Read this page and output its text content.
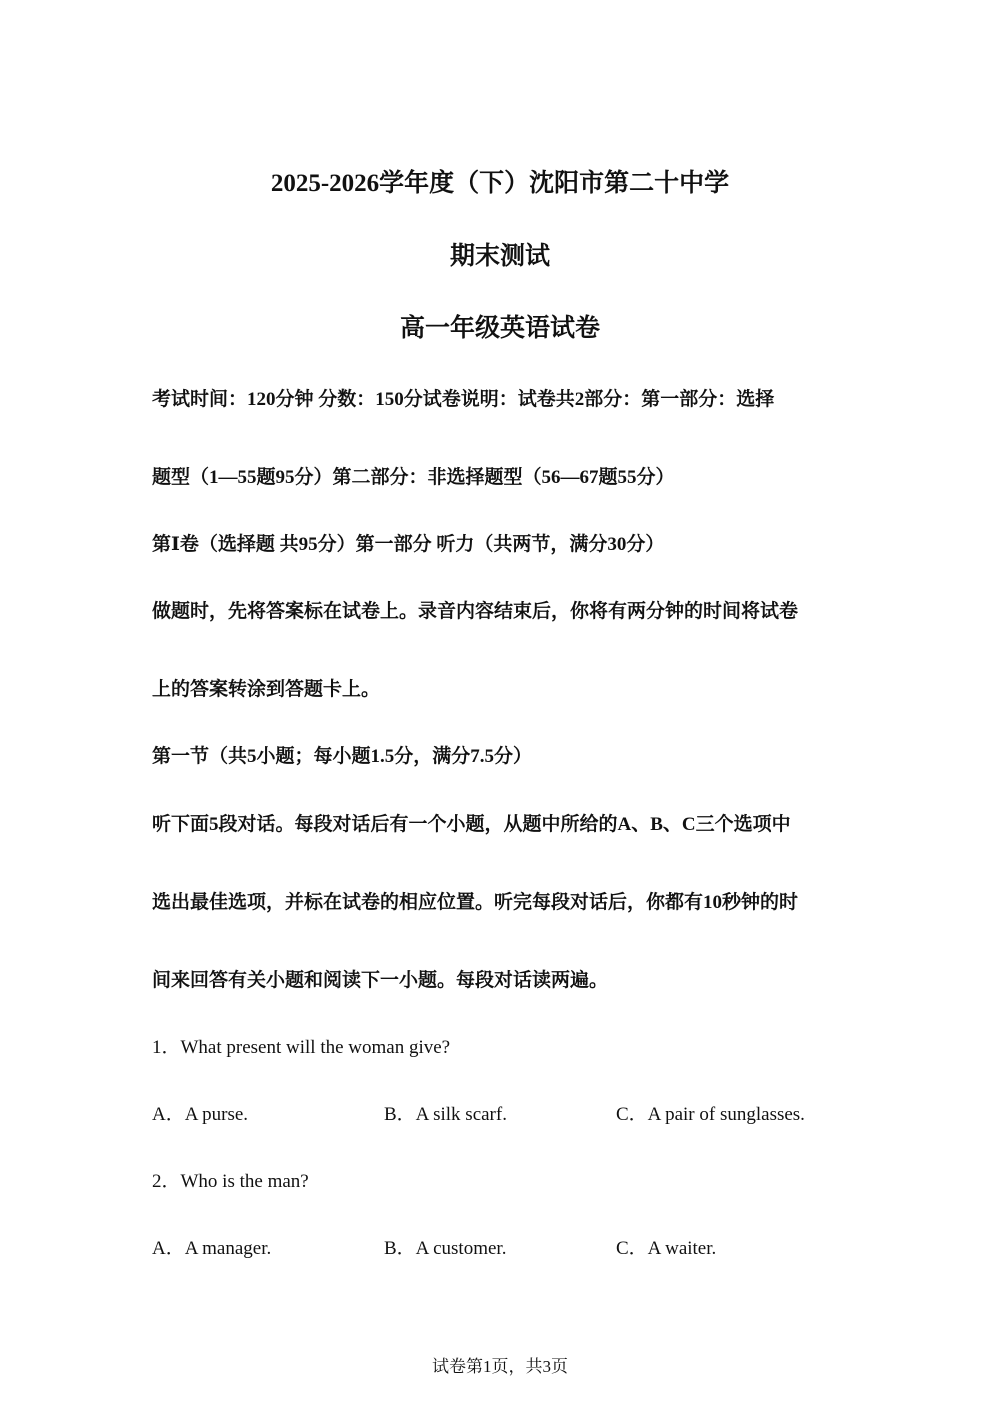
2025-2026学年度（下）沈阳市第二十中学
期末测试
高一年级英语试卷
考试时间：120分钟 分数：150分试卷说明：试卷共2部分：第一部分：选择
题型（1—55题95分）第二部分：非选择题型（56—67题55分）
第Ⅰ卷（选择题 共95分）第一部分 听力（共两节，满分30分）
做题时，先将答案标在试卷上。录音内容结束后，你将有两分钟的时间将试卷
上的答案转涂到答题卡上。
第一节（共5小题；每小题1.5分，满分7.5分）
听下面5段对话。每段对话后有一个小题，从题中所给的A、B、C三个选项中
选出最佳选项，并标在试卷的相应位置。听完每段对话后，你都有10秒钟的时
间来回答有关小题和阅读下一小题。每段对话读两遍。
1．What present will the woman give?
A．A purse.	B．A silk scarf.	C．A pair of sunglasses.
2．Who is the man?
A．A manager.	B．A customer.	C．A waiter.
试卷第1页，共3页
